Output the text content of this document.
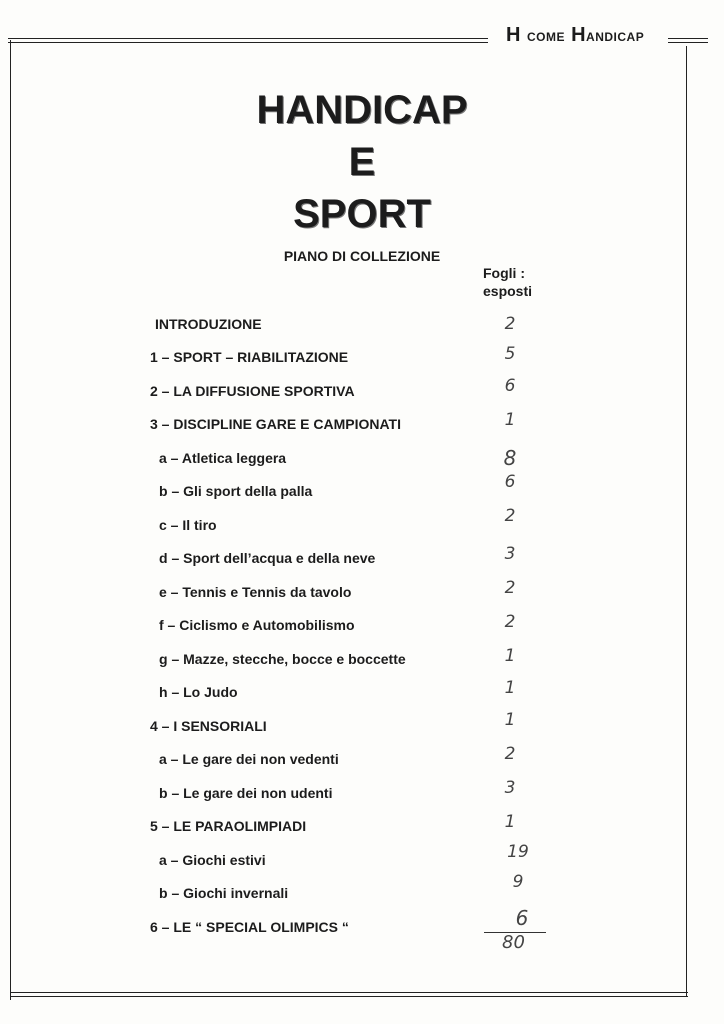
H COME HANDICAP
HANDICAP
E
SPORT
PIANO DI COLLEZIONE
Fogli :
esposti
INTRODUZIONE
1 – SPORT – RIABILITAZIONE
2 – LA DIFFUSIONE SPORTIVA
3 – DISCIPLINE GARE E CAMPIONATI
a – Atletica leggera
b – Gli sport della palla
c – Il tiro
d – Sport dell’acqua e della neve
e – Tennis e Tennis da tavolo
f – Ciclismo e Automobilismo
g – Mazze, stecche, bocce e boccette
h – Lo Judo
4 – I SENSORIALI
a – Le gare dei non vedenti
b – Le gare dei non udenti
5 – LE PARAOLIMPIADI
a – Giochi estivi
b – Giochi invernali
6 – LE “ SPECIAL OLIMPICS “
2
5
6
1
8
6
2
3
2
2
1
1
1
2
3
1
19
9
6
80
